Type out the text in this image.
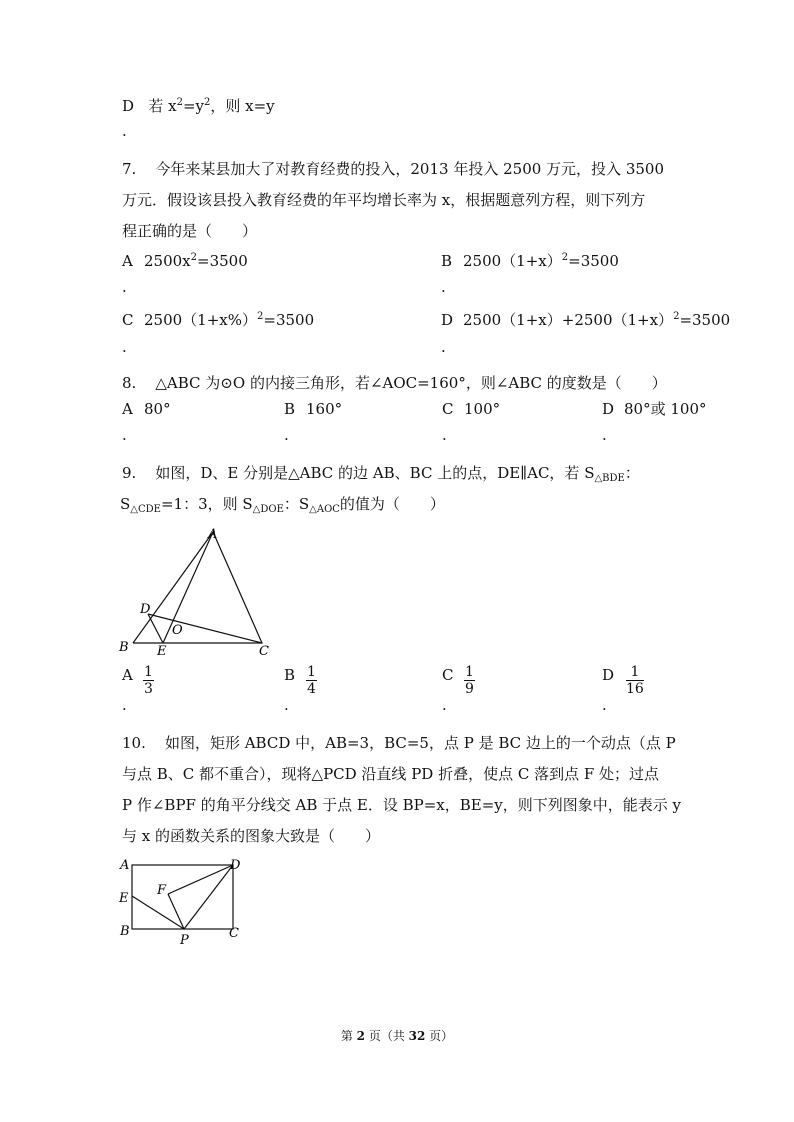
D 若 $x^2=y^2$，则 x=y
.
7. 今年来某县加大了对教育经费的投入，2013 年投入 2500 万元，投入 3500
万元．假设该县投入教育经费的年平均增长率为 x，根据题意列方程，则下列方
程正确的是（　　）
A $2500x^2=3500$
.
B $2500(1+x)^2=3500$
.
C $2500(1+x\%)^2=3500$
.
D $2500(1+x)+2500(1+x)^2=3500$
.
8. △ABC 为⊙O 的内接三角形，若∠AOC=160°，则∠ABC 的度数是（　　）
A 80°
.
B 160°
.
C 100°
.
D 80°或 100°
.
9. 如图，D、E 分别是△ABC 的边 AB、BC 上的点，DE∥AC，若 $S_{\triangle BDE}$：
$S_{\triangle CDE}=1$：3，则 $S_{\triangle DOE}$：$S_{\triangle AOC}$的值为（　　）
A
B	C
D
E
O
A $\frac{1}{3}$
.
B $\frac{1}{4}$
.
C $\frac{1}{9}$
.
D $\frac{1}{16}$
.
10. 如图，矩形 ABCD 中，AB=3，BC=5，点 P 是 BC 边上的一个动点（点 P
与点 B、C 都不重合），现将△PCD 沿直线 PD 折叠，使点 C 落到点 F 处；过点
P 作∠BPF 的角平分线交 AB 于点 E．设 BP=x，BE=y，则下列图象中，能表示 y
与 x 的函数关系的图象大致是（　　）
A	D
E
F
B
P	C
第 2 页（共 32 页）
